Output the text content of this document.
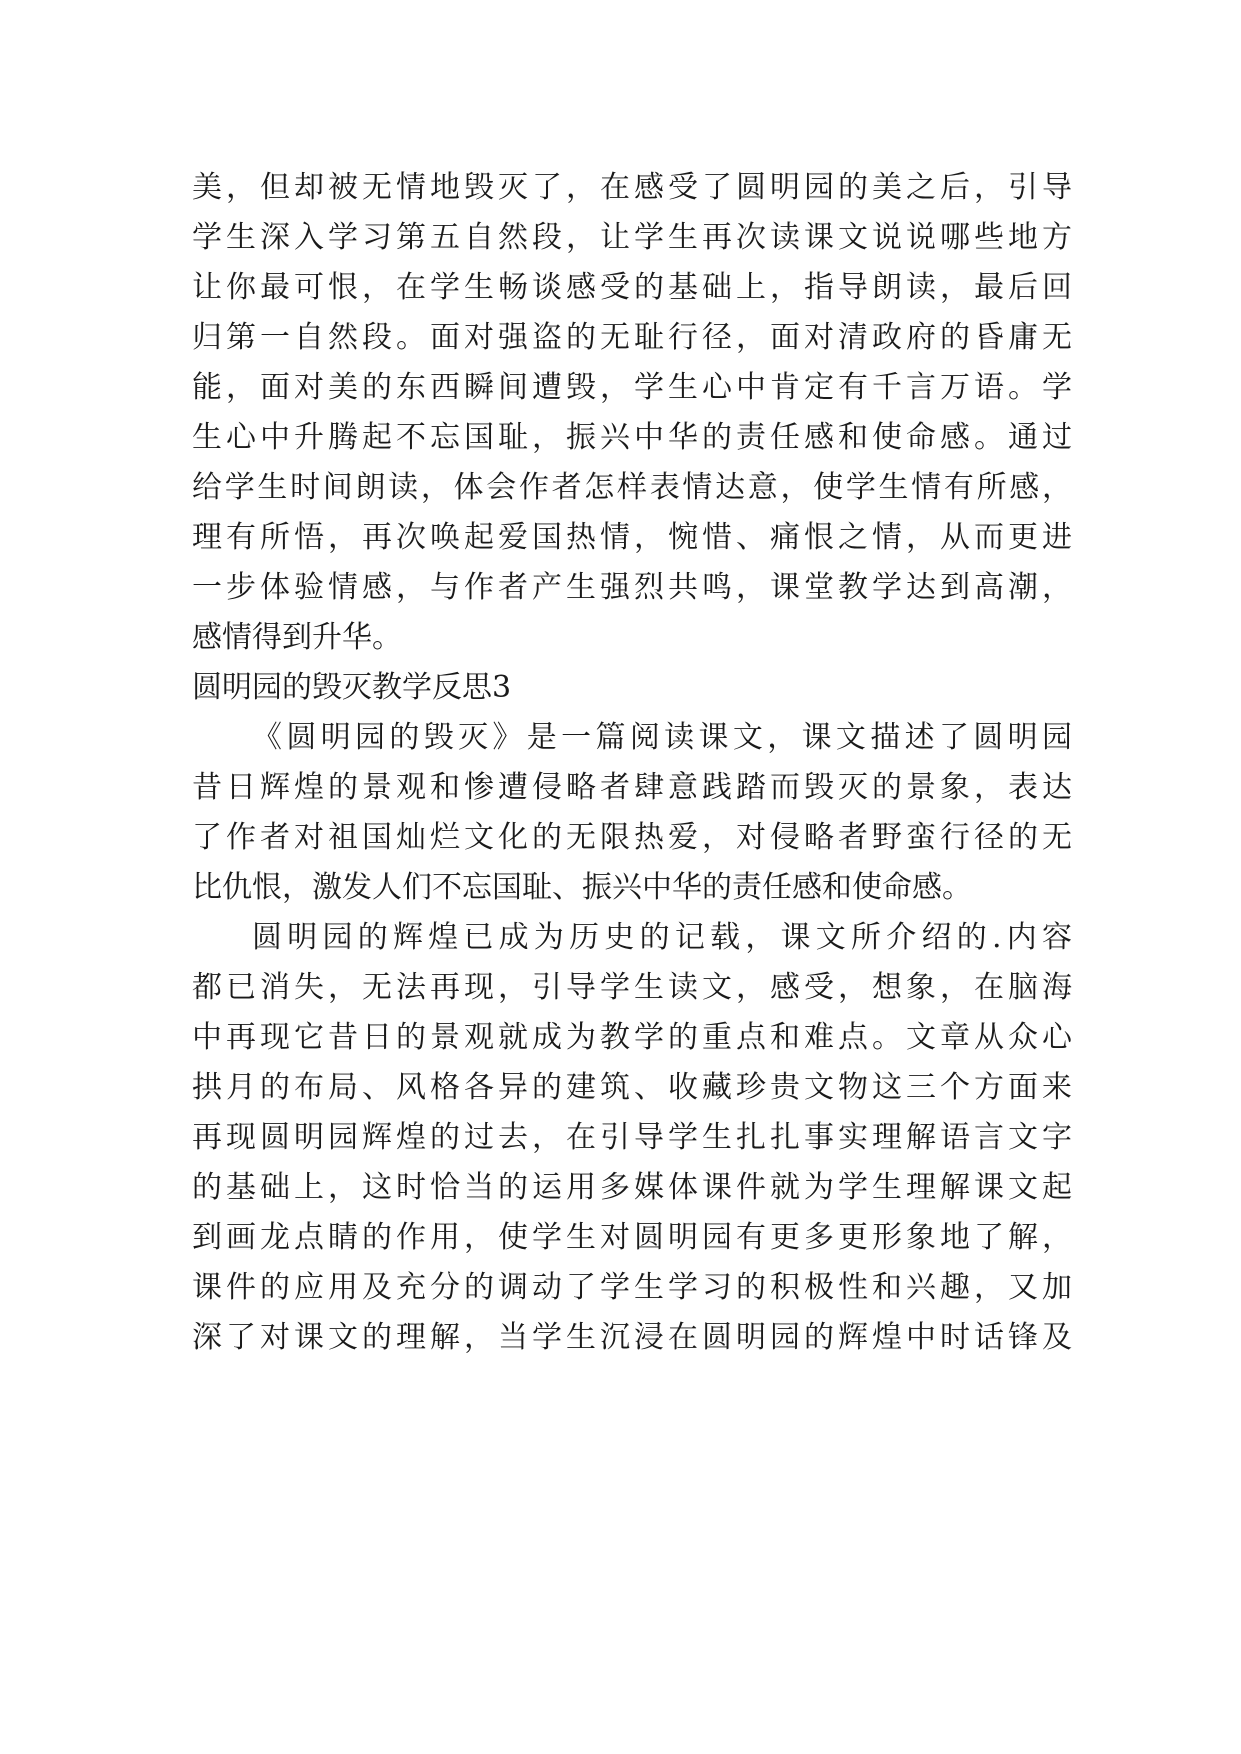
美，但却被无情地毁灭了，在感受了圆明园的美之后，引导
学生深入学习第五自然段，让学生再次读课文说说哪些地方
让你最可恨，在学生畅谈感受的基础上，指导朗读，最后回
归第一自然段。面对强盗的无耻行径，面对清政府的昏庸无
能，面对美的东西瞬间遭毁，学生心中肯定有千言万语。学
生心中升腾起不忘国耻，振兴中华的责任感和使命感。通过
给学生时间朗读，体会作者怎样表情达意，使学生情有所感，
理有所悟，再次唤起爱国热情，惋惜、痛恨之情，从而更进
一步体验情感，与作者产生强烈共鸣，课堂教学达到高潮，
感情得到升华。
圆明园的毁灭教学反思3
《圆明园的毁灭》是一篇阅读课文，课文描述了圆明园
昔日辉煌的景观和惨遭侵略者肆意践踏而毁灭的景象，表达
了作者对祖国灿烂文化的无限热爱，对侵略者野蛮行径的无
比仇恨，激发人们不忘国耻、振兴中华的责任感和使命感。
圆明园的辉煌已成为历史的记载，课文所介绍的.内容
都已消失，无法再现，引导学生读文，感受，想象，在脑海
中再现它昔日的景观就成为教学的重点和难点。文章从众心
拱月的布局、风格各异的建筑、收藏珍贵文物这三个方面来
再现圆明园辉煌的过去，在引导学生扎扎事实理解语言文字
的基础上，这时恰当的运用多媒体课件就为学生理解课文起
到画龙点睛的作用，使学生对圆明园有更多更形象地了解，
课件的应用及充分的调动了学生学习的积极性和兴趣，又加
深了对课文的理解，当学生沉浸在圆明园的辉煌中时话锋及
